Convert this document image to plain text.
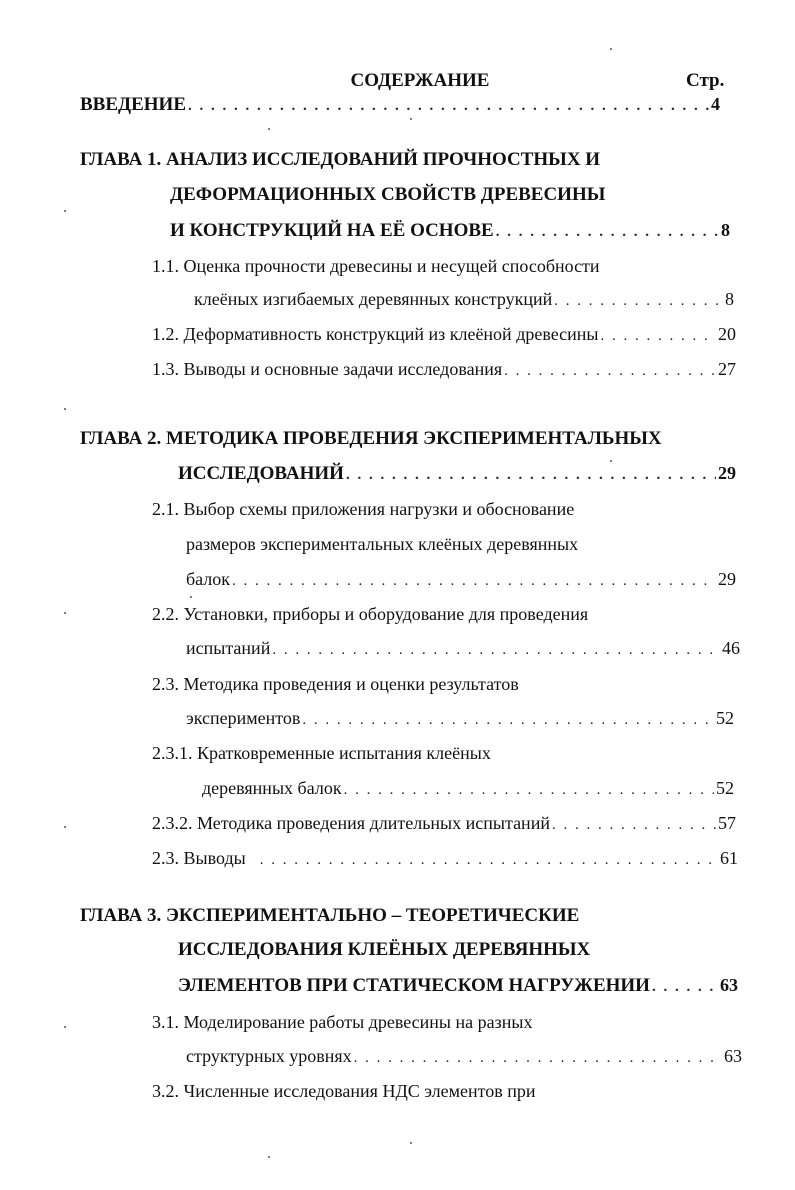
СОДЕРЖАНИЕ	Стр.
ВВЕДЕНИЕ . . .	4
ГЛАВА 1. АНАЛИЗ ИССЛЕДОВАНИЙ ПРОЧНОСТНЫХ И
ДЕФОРМАЦИОННЫХ СВОЙСТВ ДРЕВЕСИНЫ
И КОНСТРУКЦИЙ НА ЕЁ ОСНОВЕ . . .	8
1.1. Оценка прочности древесины и несущей способности
клеёных изгибаемых деревянных конструкций . . .	8
1.2. Деформативность конструкций из клеёной древесины . . .	20
1.3. Выводы и основные задачи исследования . . .	27
ГЛАВА 2. МЕТОДИКА ПРОВЕДЕНИЯ ЭКСПЕРИМЕНТАЛЬНЫХ
ИССЛЕДОВАНИЙ . . .	29
2.1. Выбор схемы приложения нагрузки и обоснование
размеров экспериментальных клеёных деревянных
балок . . .	29
2.2. Установки, приборы и оборудование для проведения
испытаний . . .	46
2.3. Методика проведения и оценки результатов
экспериментов . . .	52
2.3.1. Кратковременные испытания клеёных
деревянных балок . . .	52
2.3.2. Методика проведения длительных испытаний . . .	57
2.3. Выводы . . .	61
ГЛАВА 3. ЭКСПЕРИМЕНТАЛЬНО – ТЕОРЕТИЧЕСКИЕ
ИССЛЕДОВАНИЯ КЛЕЁНЫХ ДЕРЕВЯННЫХ
ЭЛЕМЕНТОВ ПРИ СТАТИЧЕСКОМ НАГРУЖЕНИИ . . .	63
3.1. Моделирование работы древесины на разных
структурных уровнях . . .	63
3.2. Численные исследования НДС элементов при
